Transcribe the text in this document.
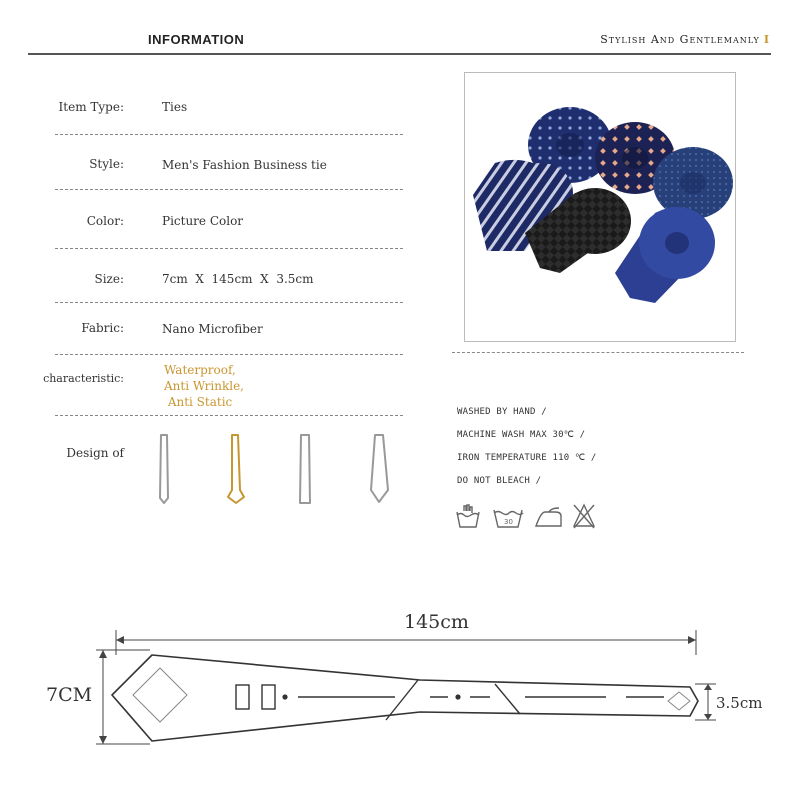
INFORMATION	Stylish And Gentlemanly I
Item Type:	Ties
Style:	Men's Fashion Business tie
Color:	Picture Color
Size:	7cm  X  145cm  X  3.5cm
Fabric:	Nano Microfiber
characteristic:
Waterproof,
Anti Wrinkle,
Anti Static
Design of
WASHED BY HAND /
MACHINE WASH MAX 30℃ /
IRON TEMPERATURE 110 ℃ /
DO NOT BLEACH /
30
145cm
7CM	3.5cm
